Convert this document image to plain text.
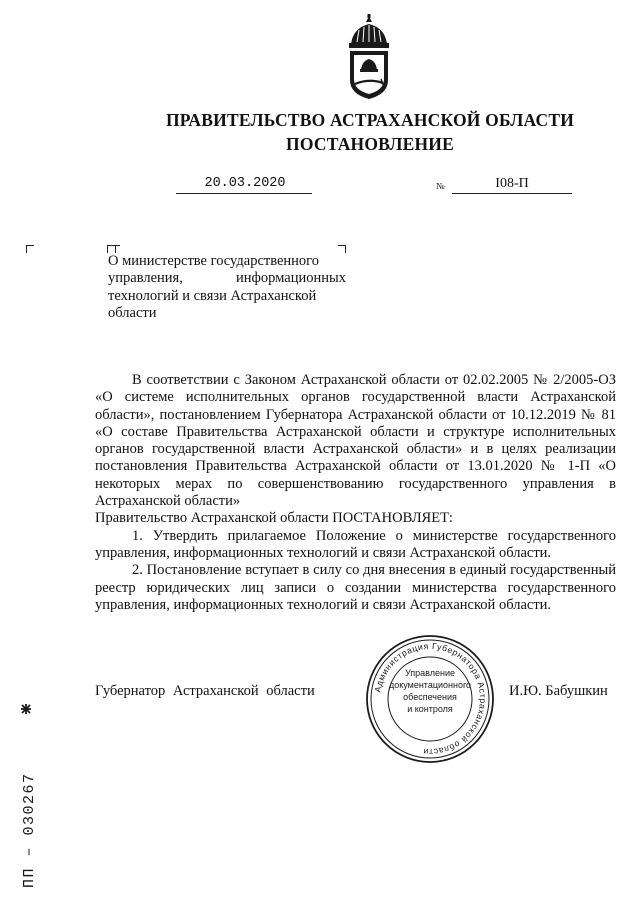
ПРАВИТЕЛЬСТВО АСТРАХАНСКОЙ ОБЛАСТИ
ПОСТАНОВЛЕНИЕ
20.03.2020	№	I08-П
О министерстве государственного
управления,	информационных
технологий и связи Астраханской
области

В соответствии с Законом Астраханской области от 02.02.2005 № 2/2005-ОЗ «О системе исполнительных органов государственной власти Астраханской области», постановлением Губернатора Астраханской области от 10.12.2019 № 81 «О составе Правительства Астраханской области и структуре исполнительных органов государственной власти Астраханской области» и в целях реализации постановления Правительства Астраханской области от 13.01.2020 № 1-П «О некоторых мерах по совершенствованию государственного управления в Астраханской области»

Правительство Астраханской области ПОСТАНОВЛЯЕТ:

1. Утвердить прилагаемое Положение о министерстве государственного управления, информационных технологий и связи Астраханской области.

2. Постановление вступает в силу со дня внесения в единый государственный реестр юридических лиц записи о создании министерства государственного управления, информационных технологий и связи Астраханской области.

Губернатор Астраханской области	И.Ю. Бабушкин
Администрация Губернатора Астраханской области
Управление
документационного
обеспечения
и контроля
ПП – 030267
